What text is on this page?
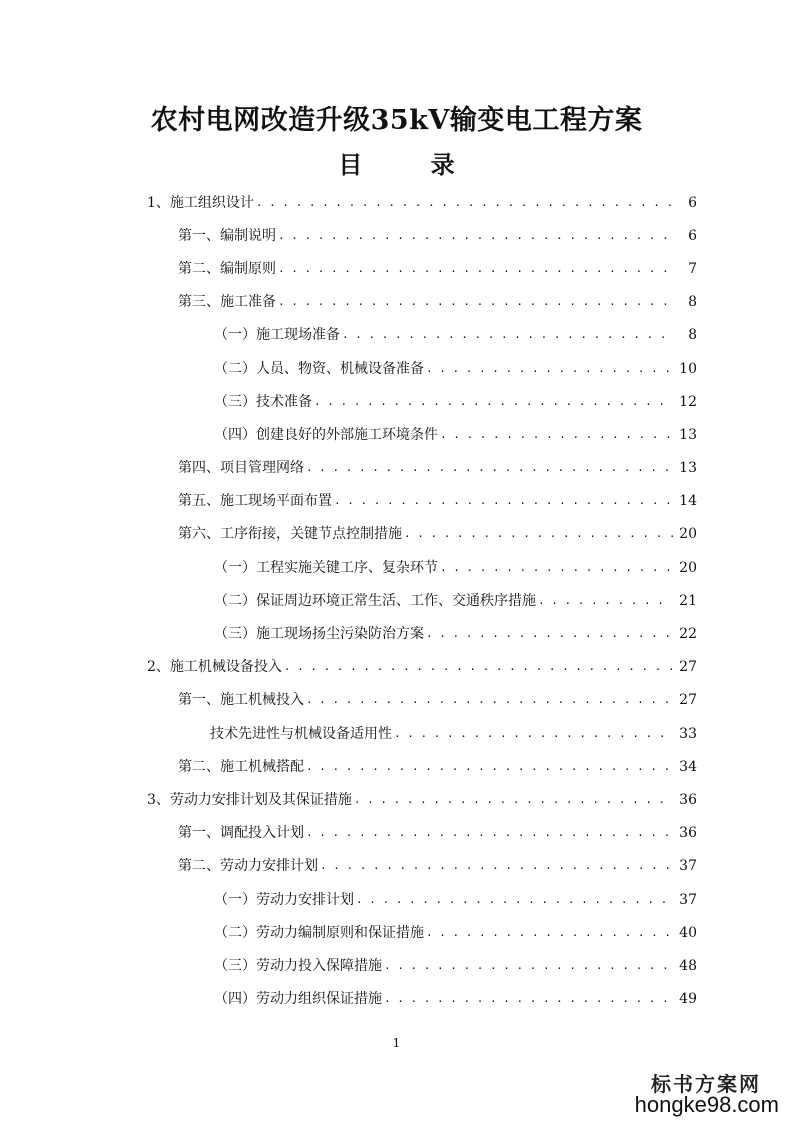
农村电网改造升级35kV输变电工程方案
目 录
1、施工组织设计 . . .	6
第一、编制说明 . . .	6
第二、编制原则 . . .	7
第三、施工准备 . . .	8
（一）施工现场准备 . . .	8
（二）人员、物资、机械设备准备 . . .	10
（三）技术准备 . . .	12
（四）创建良好的外部施工环境条件 . . .	13
第四、项目管理网络 . . .	13
第五、施工现场平面布置 . . .	14
第六、工序衔接，关键节点控制措施 . . .	20
（一）工程实施关键工序、复杂环节 . . .	20
（二）保证周边环境正常生活、工作、交通秩序措施 . . .	21
（三）施工现场扬尘污染防治方案 . . .	22
2、施工机械设备投入 . . .	27
第一、施工机械投入 . . .	27
技术先进性与机械设备适用性 . . .	33
第二、施工机械搭配 . . .	34
3、劳动力安排计划及其保证措施 . . .	36
第一、调配投入计划 . . .	36
第二、劳动力安排计划 . . .	37
（一）劳动力安排计划 . . .	37
（二）劳动力编制原则和保证措施 . . .	40
（三）劳动力投入保障措施 . . .	48
（四）劳动力组织保证措施 . . .	49
1
标书方案网
hongke98.com
